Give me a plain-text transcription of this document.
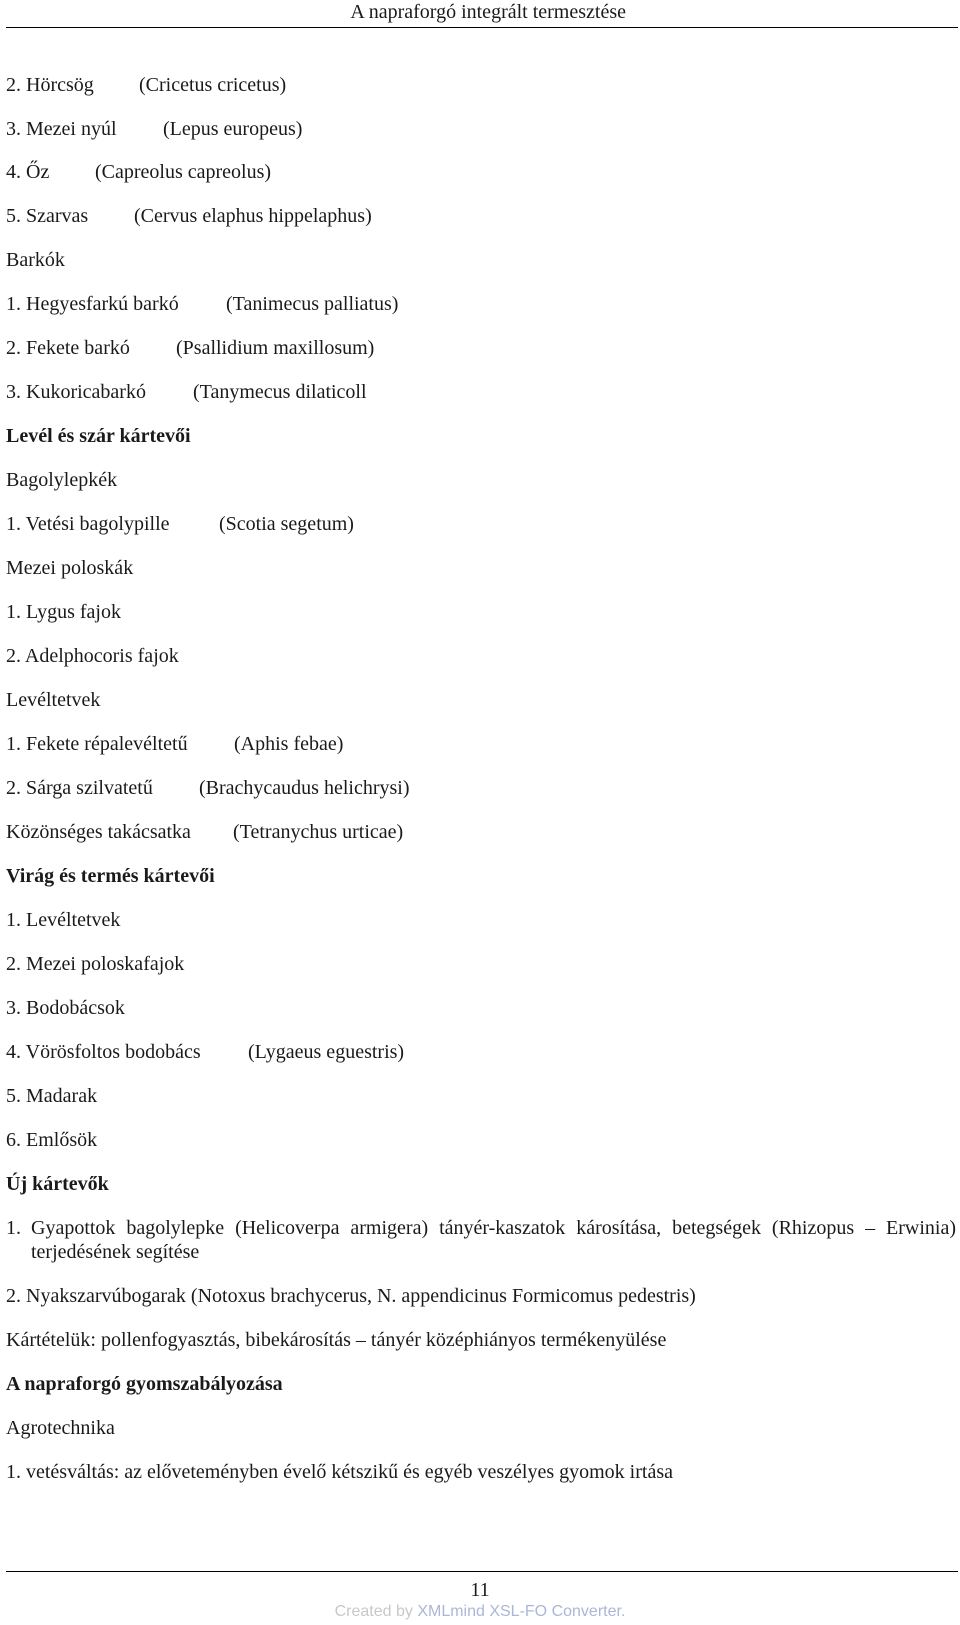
A napraforgó integrált termesztése
2. Hörcsög (Cricetus cricetus)
3. Mezei nyúl (Lepus europeus)
4. Őz (Capreolus capreolus)
5. Szarvas (Cervus elaphus hippelaphus)
Barkók
1. Hegyesfarkú barkó (Tanimecus palliatus)
2. Fekete barkó (Psallidium maxillosum)
3. Kukoricabarkó (Tanymecus dilaticoll
Levél és szár kártevői
Bagolylepkék
1. Vetési bagolypille (Scotia segetum)
Mezei poloskák
1. Lygus fajok
2. Adelphocoris fajok
Levéltetvek
1. Fekete répalevéltetű (Aphis febae)
2. Sárga szilvatetű (Brachycaudus helichrysi)
Közönséges takácsatka (Tetranychus urticae)
Virág és termés kártevői
1. Levéltetvek
2. Mezei poloskafajok
3. Bodobácsok
4. Vörösfoltos bodobács (Lygaeus eguestris)
5. Madarak
6. Emlősök
Új kártevők
1. Gyapottok bagolylepke (Helicoverpa armigera) tányér-kaszatok károsítása, betegségek (Rhizopus – Erwinia) terjedésének segítése
2. Nyakszarvúbogarak (Notoxus brachycerus, N. appendicinus Formicomus pedestris)
Kártételük: pollenfogyasztás, bibekárosítás – tányér középhiányos termékenyülése
A napraforgó gyomszabályozása
Agrotechnika
1. vetésváltás: az előveteményben évelő kétszikű és egyéb veszélyes gyomok irtása
11
Created by XMLmind XSL-FO Converter.
